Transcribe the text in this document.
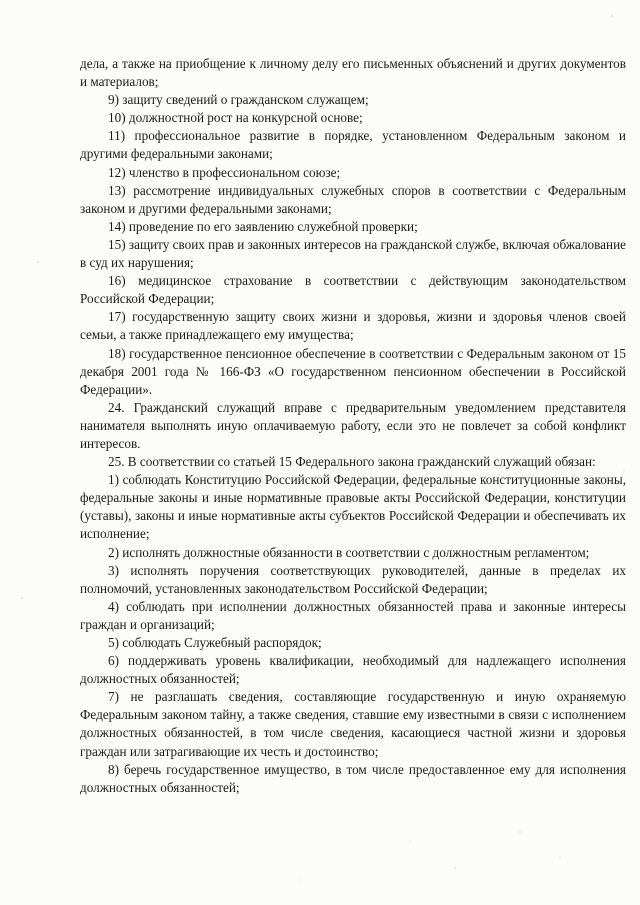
дела, а также на приобщение к личному делу его письменных объяснений и других документов и материалов;

9) защиту сведений о гражданском служащем;

10) должностной рост на конкурсной основе;

11) профессиональное развитие в порядке, установленном Федеральным законом и другими федеральными законами;

12) членство в профессиональном союзе;

13) рассмотрение индивидуальных служебных споров в соответствии с Федеральным законом и другими федеральными законами;

14) проведение по его заявлению служебной проверки;

15) защиту своих прав и законных интересов на гражданской службе, включая обжалование в суд их нарушения;

16) медицинское страхование в соответствии с действующим законодательством Российской Федерации;

17) государственную защиту своих жизни и здоровья, жизни и здоровья членов своей семьи, а также принадлежащего ему имущества;

18) государственное пенсионное обеспечение в соответствии с Федеральным законом от 15 декабря 2001 года № 166-ФЗ «О государственном пенсионном обеспечении в Российской Федерации».

24. Гражданский служащий вправе с предварительным уведомлением представителя нанимателя выполнять иную оплачиваемую работу, если это не повлечет за собой конфликт интересов.

25. В соответствии со статьей 15 Федерального закона гражданский служащий обязан:

1) соблюдать Конституцию Российской Федерации, федеральные конституционные законы, федеральные законы и иные нормативные правовые акты Российской Федерации, конституции (уставы), законы и иные нормативные акты субъектов Российской Федерации и обеспечивать их исполнение;

2) исполнять должностные обязанности в соответствии с должностным регламентом;

3) исполнять поручения соответствующих руководителей, данные в пределах их полномочий, установленных законодательством Российской Федерации;

4) соблюдать при исполнении должностных обязанностей права и законные интересы граждан и организаций;

5) соблюдать Служебный распорядок;

6) поддерживать уровень квалификации, необходимый для надлежащего исполнения должностных обязанностей;

7) не разглашать сведения, составляющие государственную и иную охраняемую Федеральным законом тайну, а также сведения, ставшие ему известными в связи с исполнением должностных обязанностей, в том числе сведения, касающиеся частной жизни и здоровья граждан или затрагивающие их честь и достоинство;

8) беречь государственное имущество, в том числе предоставленное ему для исполнения должностных обязанностей;
